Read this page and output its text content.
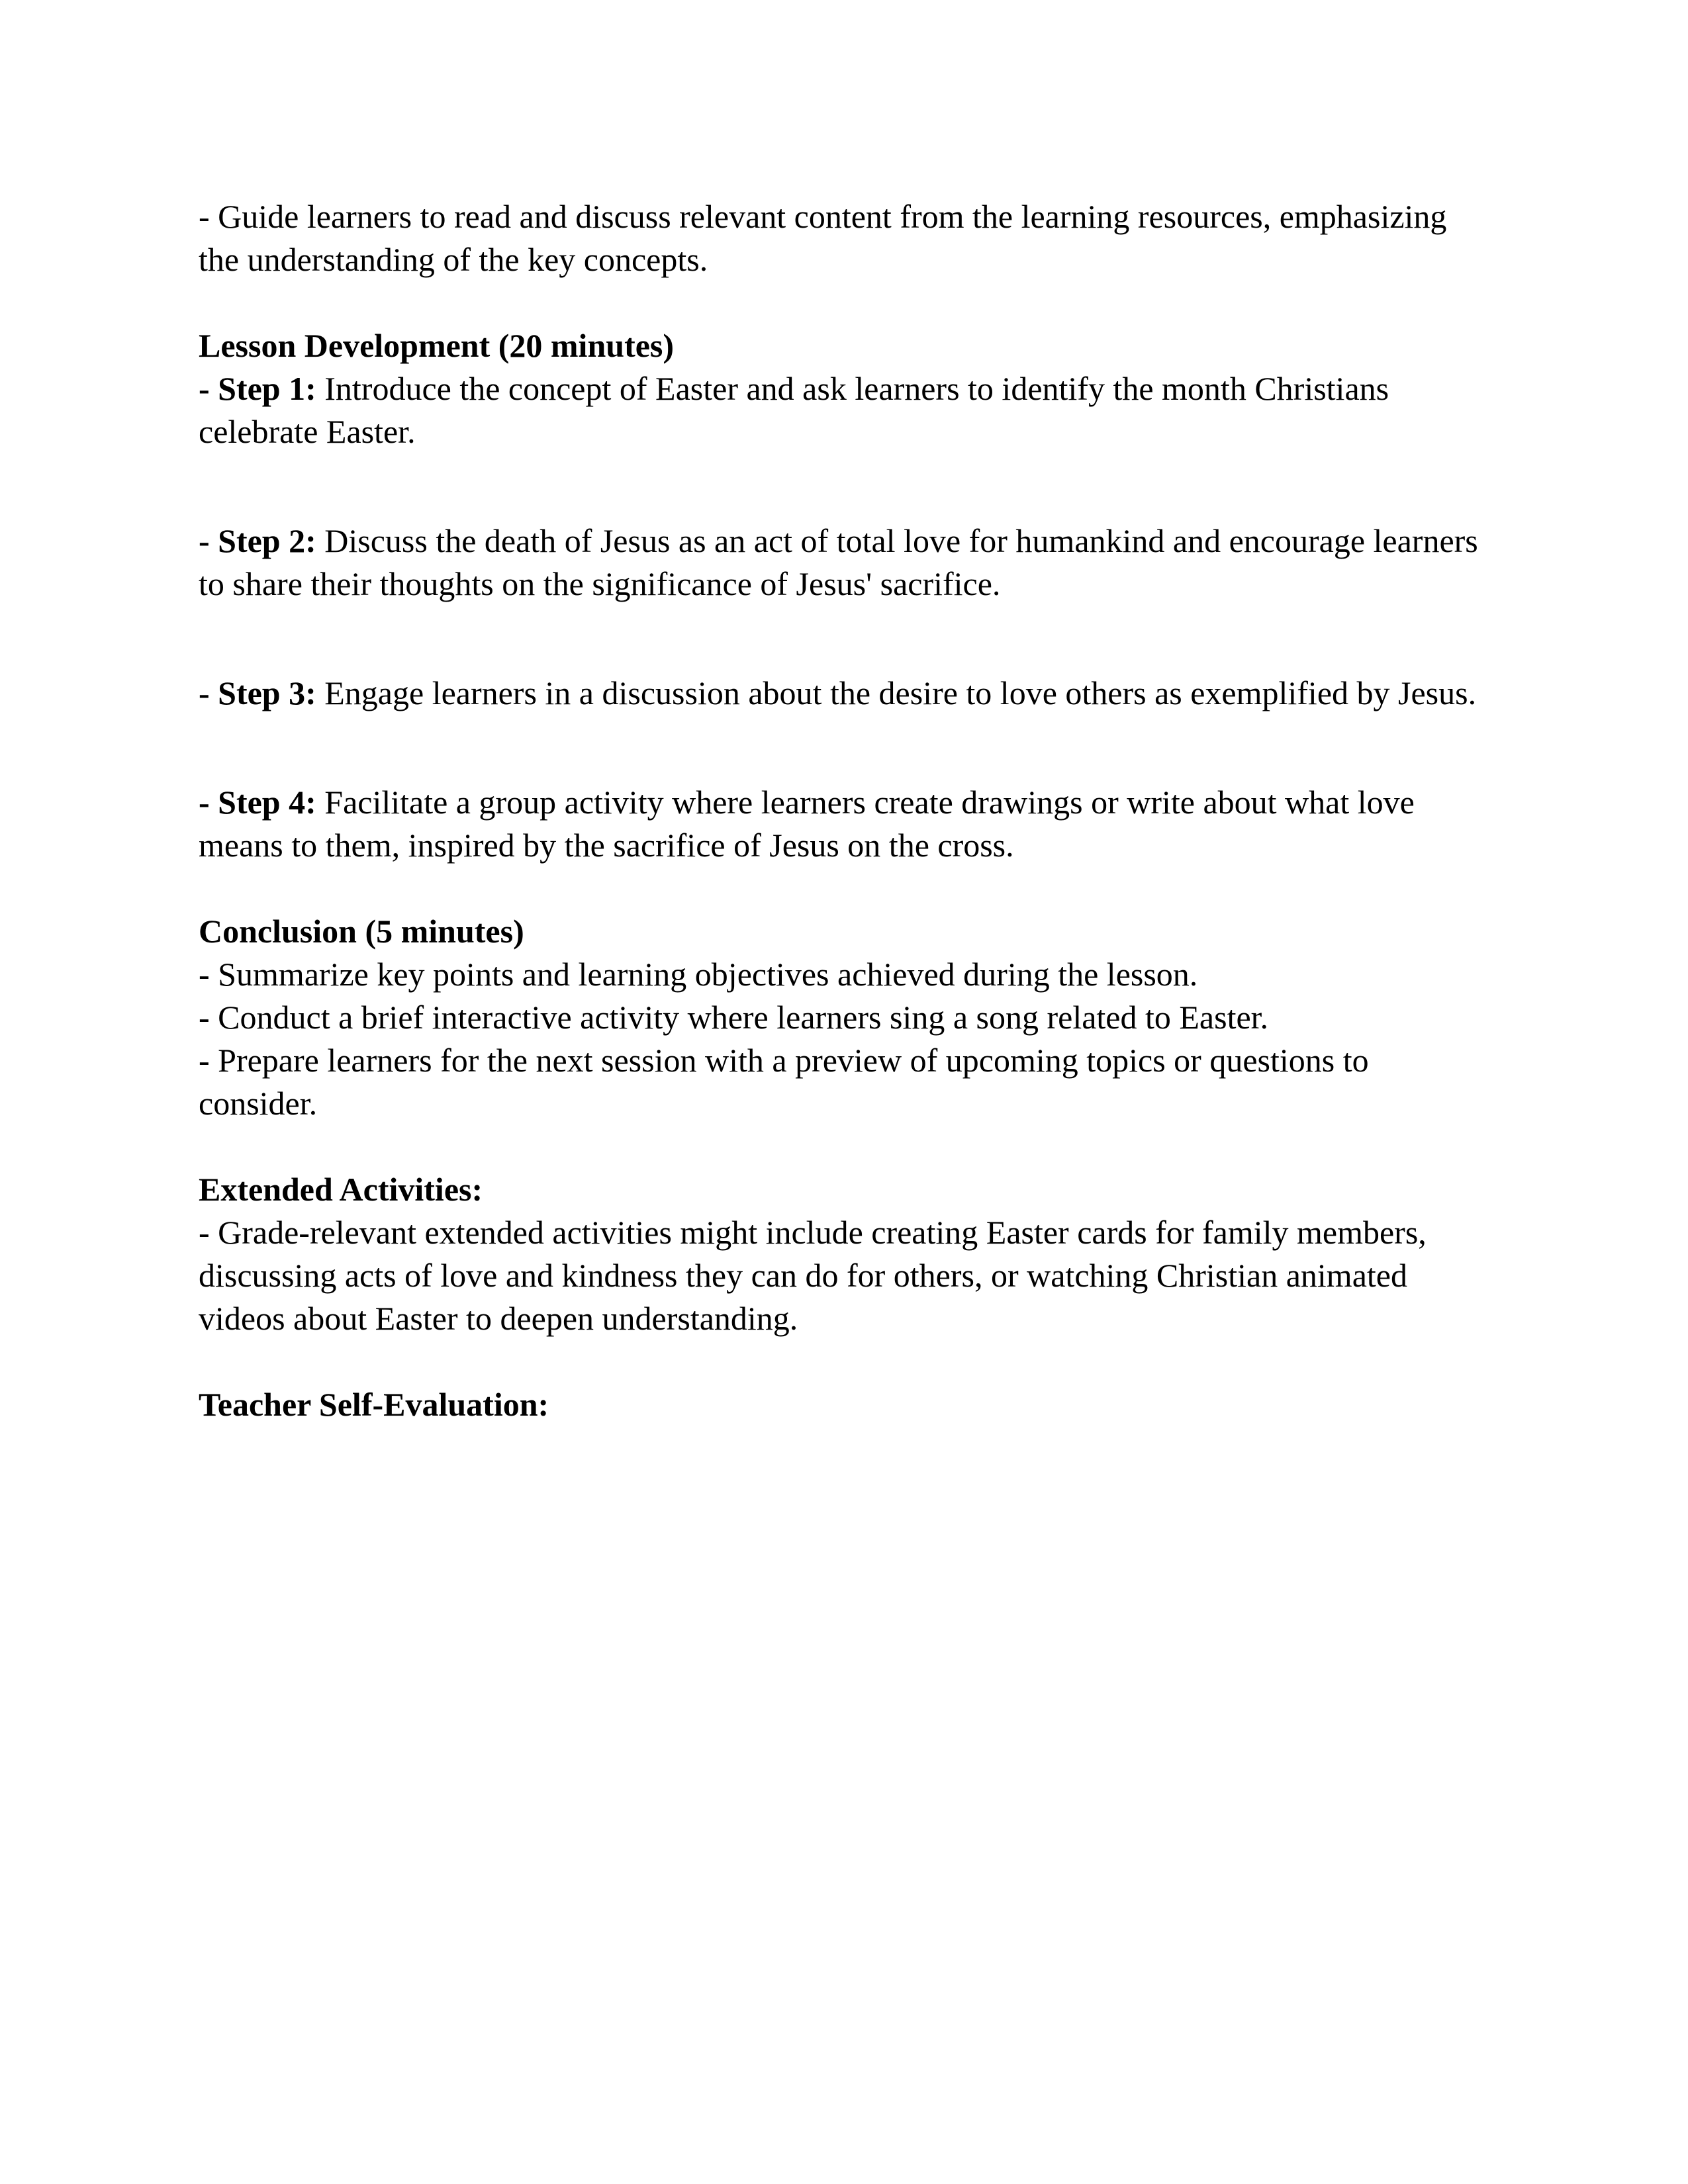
- Guide learners to read and discuss relevant content from the learning resources, emphasizing the understanding of the key concepts.

Lesson Development (20 minutes)

- Step 1: Introduce the concept of Easter and ask learners to identify the month Christians celebrate Easter.

- Step 2: Discuss the death of Jesus as an act of total love for humankind and encourage learners to share their thoughts on the significance of Jesus' sacrifice.

- Step 3: Engage learners in a discussion about the desire to love others as exemplified by Jesus.

- Step 4: Facilitate a group activity where learners create drawings or write about what love means to them, inspired by the sacrifice of Jesus on the cross.

Conclusion (5 minutes)

- Summarize key points and learning objectives achieved during the lesson.

- Conduct a brief interactive activity where learners sing a song related to Easter.

- Prepare learners for the next session with a preview of upcoming topics or questions to consider.

Extended Activities:

- Grade-relevant extended activities might include creating Easter cards for family members, discussing acts of love and kindness they can do for others, or watching Christian animated videos about Easter to deepen understanding.

Teacher Self-Evaluation:
